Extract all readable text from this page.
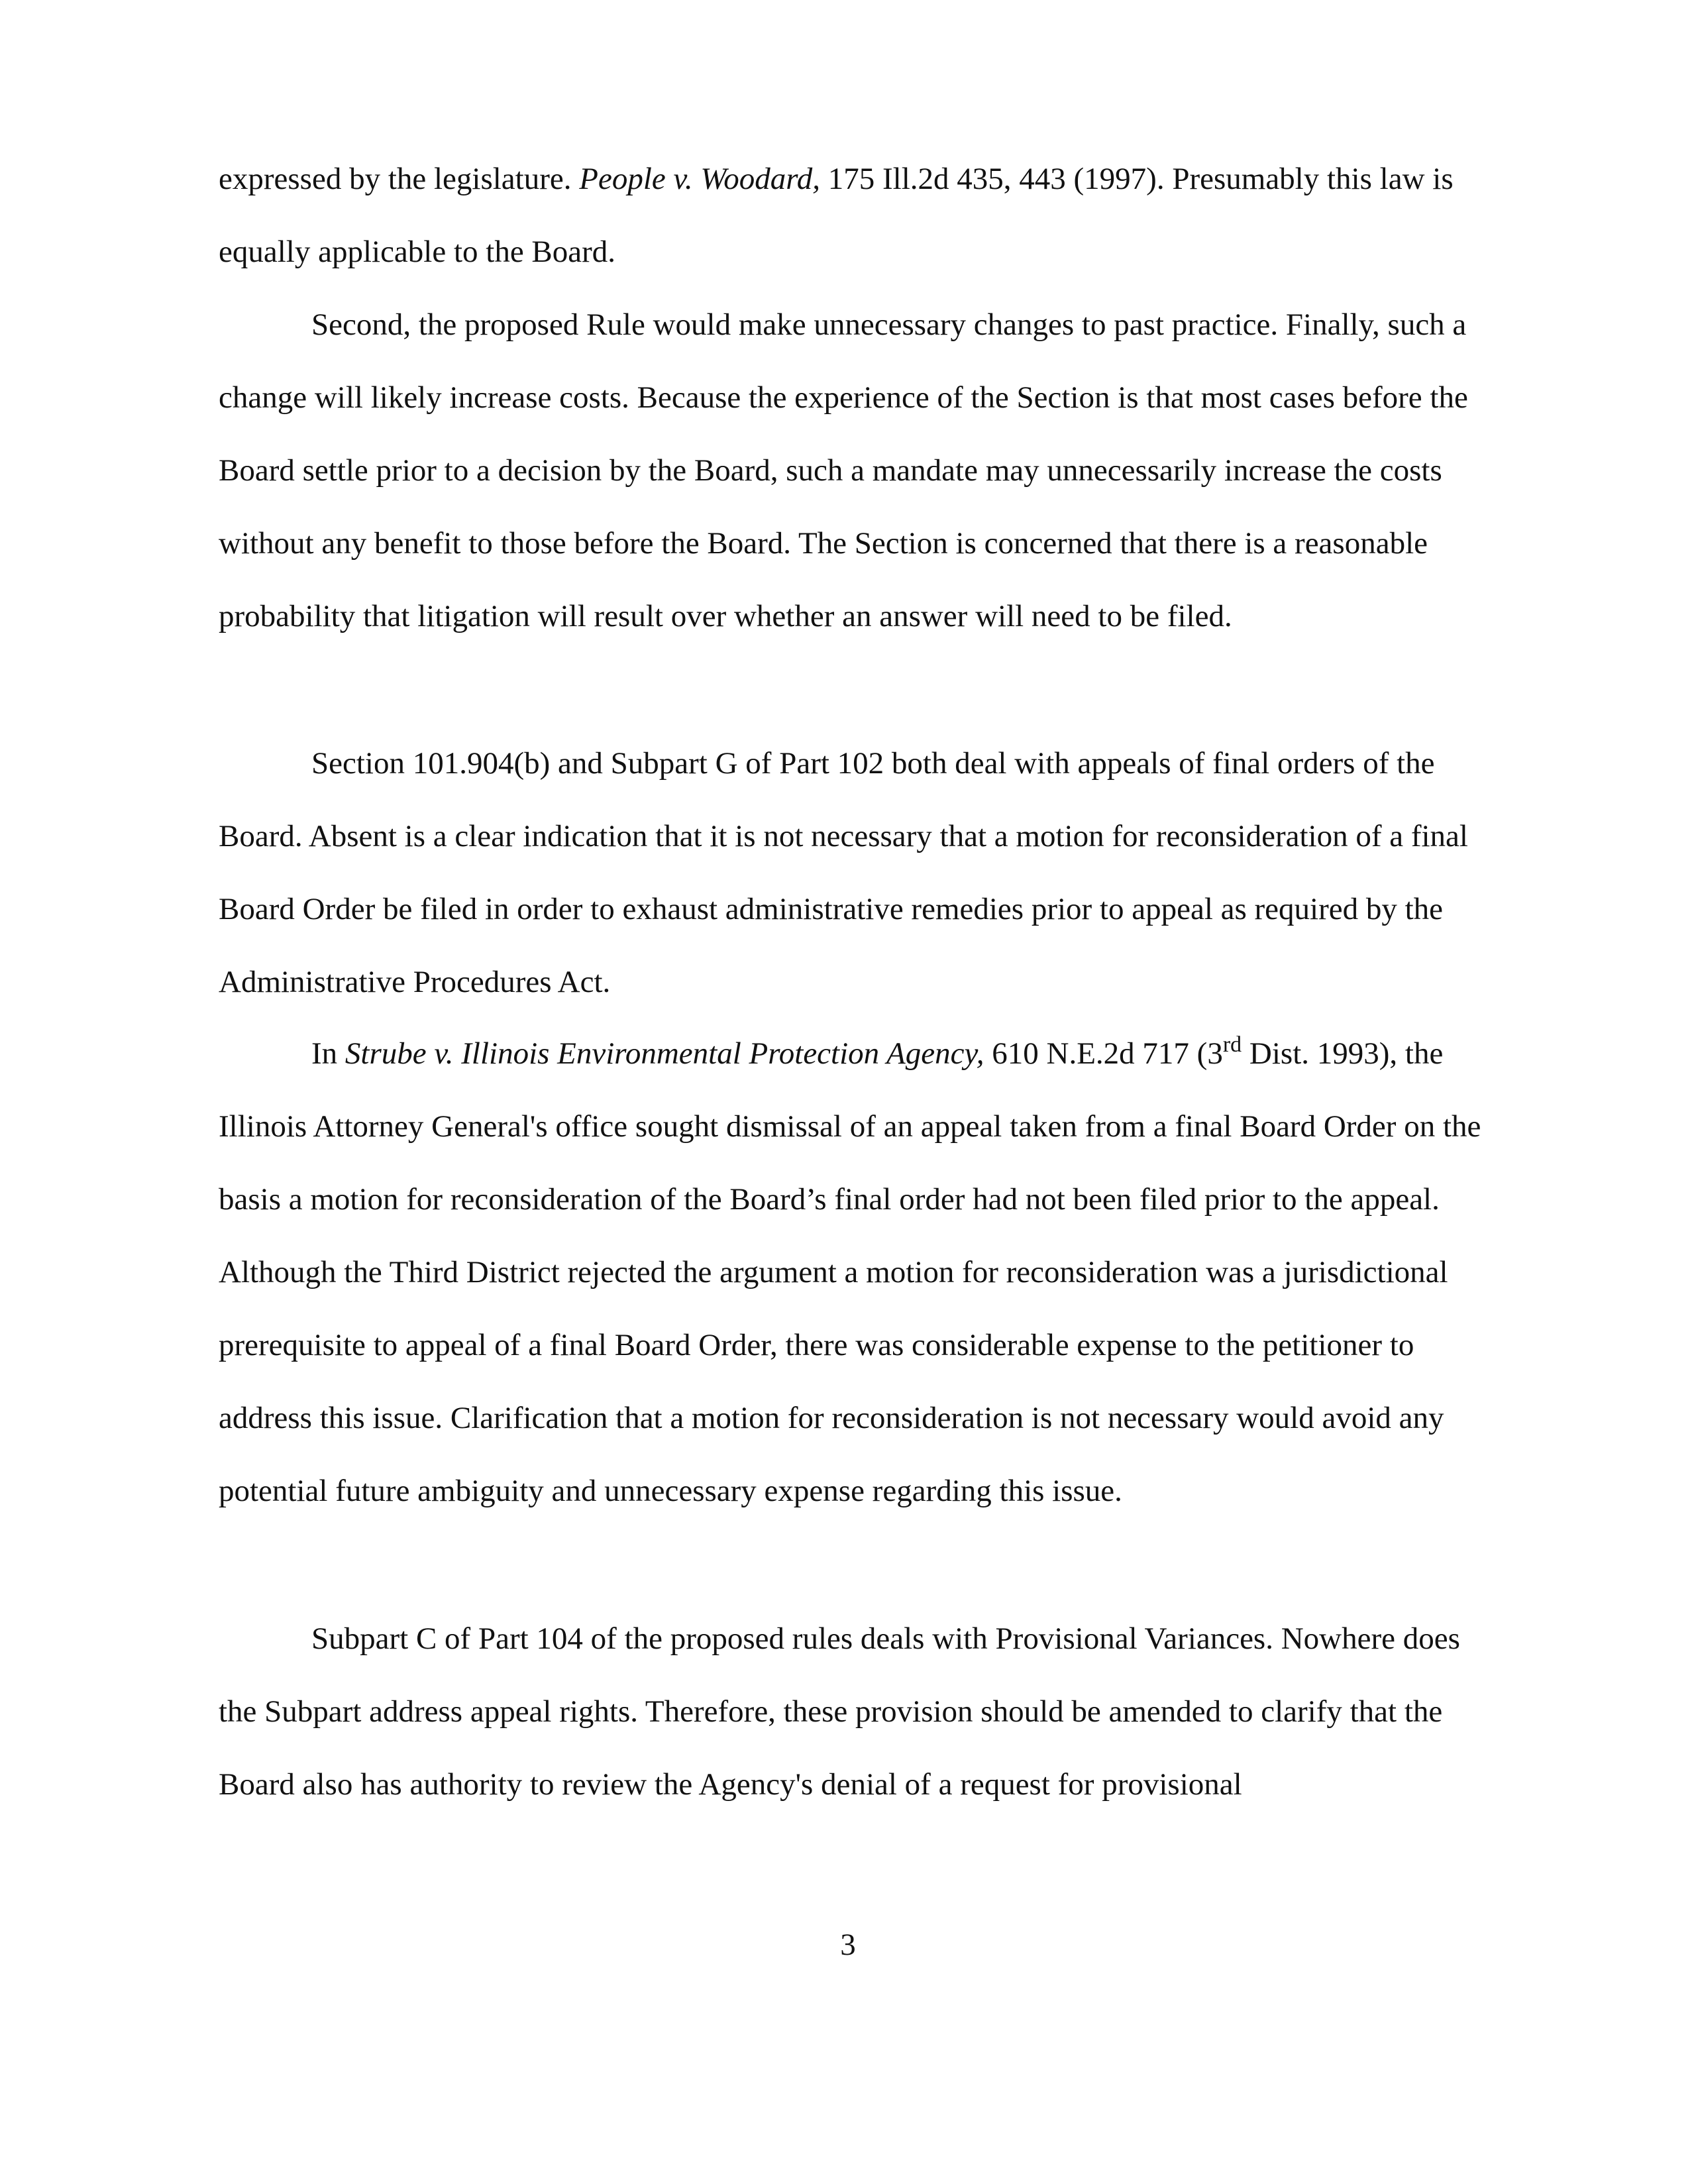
expressed by the legislature. People v. Woodard, 175 Ill.2d 435, 443 (1997). Presumably this law is equally applicable to the Board.

Second, the proposed Rule would make unnecessary changes to past practice. Finally, such a change will likely increase costs. Because the experience of the Section is that most cases before the Board settle prior to a decision by the Board, such a mandate may unnecessarily increase the costs without any benefit to those before the Board. The Section is concerned that there is a reasonable probability that litigation will result over whether an answer will need to be filed.

Section 101.904(b) and Subpart G of Part 102 both deal with appeals of final orders of the Board. Absent is a clear indication that it is not necessary that a motion for reconsideration of a final Board Order be filed in order to exhaust administrative remedies prior to appeal as required by the Administrative Procedures Act.

In Strube v. Illinois Environmental Protection Agency, 610 N.E.2d 717 (3rd Dist. 1993), the Illinois Attorney General's office sought dismissal of an appeal taken from a final Board Order on the basis a motion for reconsideration of the Board’s final order had not been filed prior to the appeal. Although the Third District rejected the argument a motion for reconsideration was a jurisdictional prerequisite to appeal of a final Board Order, there was considerable expense to the petitioner to address this issue. Clarification that a motion for reconsideration is not necessary would avoid any potential future ambiguity and unnecessary expense regarding this issue.

Subpart C of Part 104 of the proposed rules deals with Provisional Variances. Nowhere does the Subpart address appeal rights. Therefore, these provision should be amended to clarify that the Board also has authority to review the Agency's denial of a request for provisional

3
